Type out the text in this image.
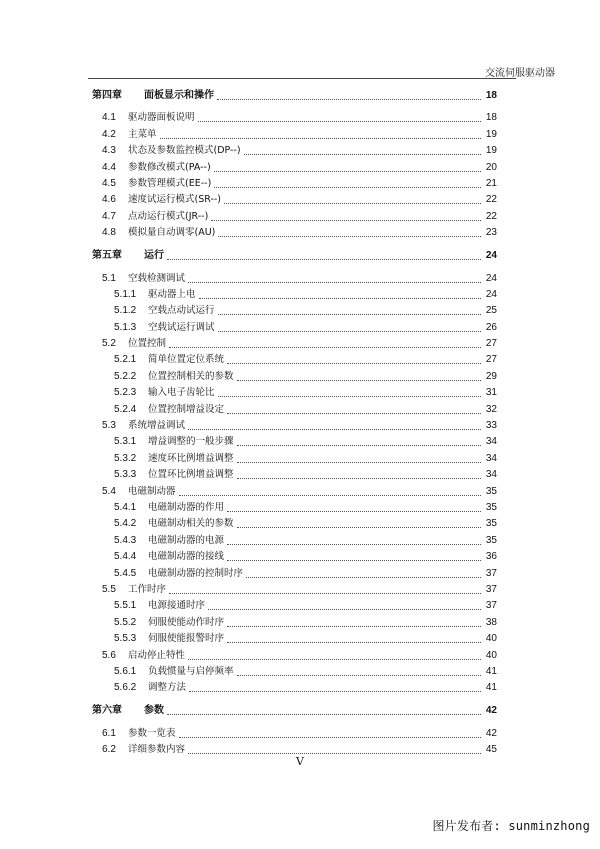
交流伺服驱动器
第四章	面板显示和操作	18
4.1	驱动器面板说明	18
4.2	主菜单	19
4.3	状态及参数监控模式(DP--)	19
4.4	参数修改模式(PA--)	20
4.5	参数管理模式(EE--)	21
4.6	速度试运行模式(SR--)	22
4.7	点动运行模式(JR--)	22
4.8	模拟量自动调零(AU)	23
第五章	运行	24
5.1	空载检测调试	24
5.1.1	驱动器上电	24
5.1.2	空载点动试运行	25
5.1.3	空载试运行调试	26
5.2	位置控制	27
5.2.1	简单位置定位系统	27
5.2.2	位置控制相关的参数	29
5.2.3	输入电子齿轮比	31
5.2.4	位置控制增益设定	32
5.3	系统增益调试	33
5.3.1	增益调整的一般步骤	34
5.3.2	速度环比例增益调整	34
5.3.3	位置环比例增益调整	34
5.4	电磁制动器	35
5.4.1	电磁制动器的作用	35
5.4.2	电磁制动相关的参数	35
5.4.3	电磁制动器的电源	35
5.4.4	电磁制动器的接线	36
5.4.5	电磁制动器的控制时序	37
5.5	工作时序	37
5.5.1	电源接通时序	37
5.5.2	伺服使能动作时序	38
5.5.3	伺服使能报警时序	40
5.6	启动停止特性	40
5.6.1	负载惯量与启停频率	41
5.6.2	调整方法	41
第六章	参数	42
6.1	参数一览表	42
6.2	详细参数内容	45
V
图片发布者: sunminzhong
